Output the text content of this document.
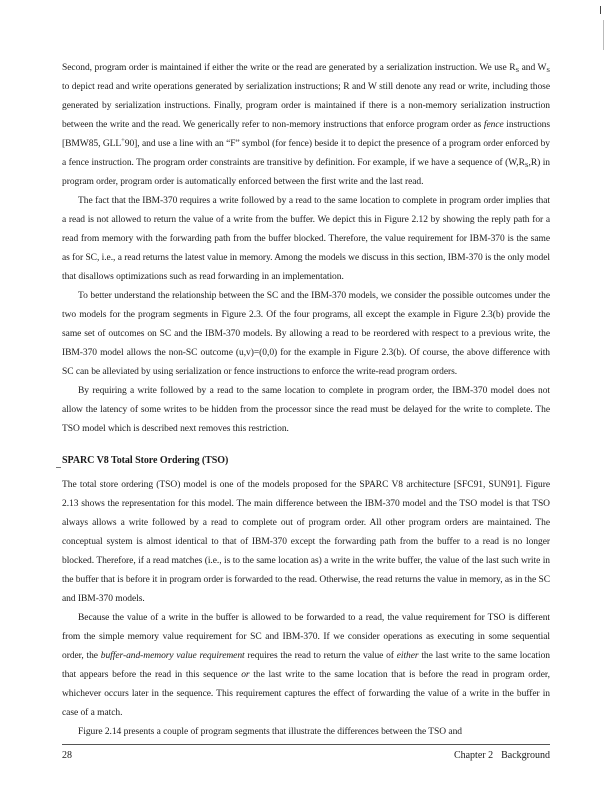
Second, program order is maintained if either the write or the read are generated by a serialization instruction. We use $R_S$ and $W_S$ to depict read and write operations generated by serialization instructions; R and W still denote any read or write, including those generated by serialization instructions. Finally, program order is maintained if there is a non-memory serialization instruction between the write and the read. We generically refer to non-memory instructions that enforce program order as fence instructions [BMW85, GLL+90], and use a line with an “F” symbol (for fence) beside it to depict the presence of a program order enforced by a fence instruction. The program order constraints are transitive by definition. For example, if we have a sequence of $(W,R_S,R)$ in program order, program order is automatically enforced between the first write and the last read.

The fact that the IBM-370 requires a write followed by a read to the same location to complete in program order implies that a read is not allowed to return the value of a write from the buffer. We depict this in Figure 2.12 by showing the reply path for a read from memory with the forwarding path from the buffer blocked. Therefore, the value requirement for IBM-370 is the same as for SC, i.e., a read returns the latest value in memory. Among the models we discuss in this section, IBM-370 is the only model that disallows optimizations such as read forwarding in an implementation.

To better understand the relationship between the SC and the IBM-370 models, we consider the possible outcomes under the two models for the program segments in Figure 2.3. Of the four programs, all except the example in Figure 2.3(b) provide the same set of outcomes on SC and the IBM-370 models. By allowing a read to be reordered with respect to a previous write, the IBM-370 model allows the non-SC outcome (u,v)=(0,0) for the example in Figure 2.3(b). Of course, the above difference with SC can be alleviated by using serialization or fence instructions to enforce the write-read program orders.

By requiring a write followed by a read to the same location to complete in program order, the IBM-370 model does not allow the latency of some writes to be hidden from the processor since the read must be delayed for the write to complete. The TSO model which is described next removes this restriction.

SPARC V8 Total Store Ordering (TSO)

The total store ordering (TSO) model is one of the models proposed for the SPARC V8 architecture [SFC91, SUN91]. Figure 2.13 shows the representation for this model. The main difference between the IBM-370 model and the TSO model is that TSO always allows a write followed by a read to complete out of program order. All other program orders are maintained. The conceptual system is almost identical to that of IBM-370 except the forwarding path from the buffer to a read is no longer blocked. Therefore, if a read matches (i.e., is to the same location as) a write in the write buffer, the value of the last such write in the buffer that is before it in program order is forwarded to the read. Otherwise, the read returns the value in memory, as in the SC and IBM-370 models.

Because the value of a write in the buffer is allowed to be forwarded to a read, the value requirement for TSO is different from the simple memory value requirement for SC and IBM-370. If we consider operations as executing in some sequential order, the buffer-and-memory value requirement requires the read to return the value of either the last write to the same location that appears before the read in this sequence or the last write to the same location that is before the read in program order, whichever occurs later in the sequence. This requirement captures the effect of forwarding the value of a write in the buffer in case of a match.

Figure 2.14 presents a couple of program segments that illustrate the differences between the TSO and

28	Chapter 2 Background
